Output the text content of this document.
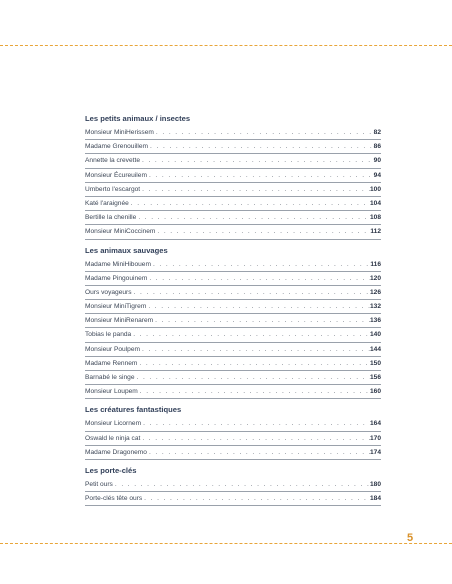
Les petits animaux / insectes
Monsieur MiniHerissem . . .	82
Madame Grenouillem . . .	86
Annette la crevette . . .	90
Monsieur Écureuilem . . .	94
Umberto l'escargot . . .	100
Katé l'araignée . . .	104
Bertille la chenille . . .	108
Monsieur MiniCoccinem . . .	112
Les animaux sauvages
Madame MiniHibouem . . .	116
Madame Pingouinem . . .	120
Ours voyageurs . . .	126
Monsieur MiniTigrem . . .	132
Monsieur MiniRenarem . . .	136
Tobias le panda . . .	140
Monsieur Poulpem . . .	144
Madame Rennem . . .	150
Barnabé le singe . . .	156
Monsieur Loupem . . .	160
Les créatures fantastiques
Monsieur Licornem . . .	164
Oswald le ninja cat . . .	170
Madame Dragonemo . . .	174
Les porte-clés
Petit ours . . .	180
Porte-clés tête ours . . .	184
5
